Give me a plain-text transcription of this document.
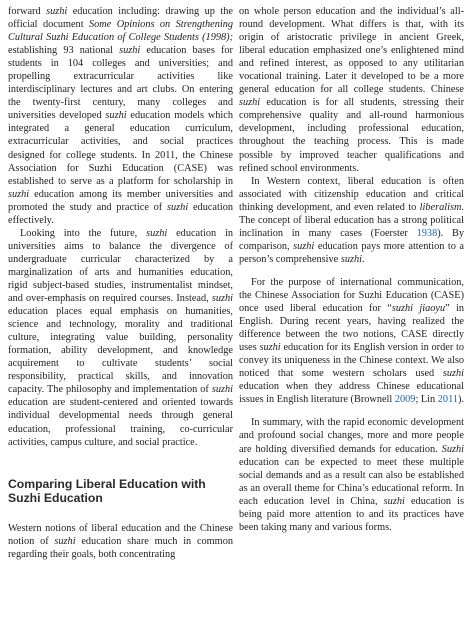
forward suzhi education including: drawing up the official document Some Opinions on Strengthening Cultural Suzhi Education of College Students (1998); establishing 93 national suzhi education bases for students in 104 colleges and universities; and propelling extracurricular activities like interdisciplinary lectures and art clubs. On entering the twenty-first century, many colleges and universities developed suzhi education models which integrated a general education curriculum, extracurricular activities, and social practices designed for college students. In 2011, the Chinese Association for Suzhi Education (CASE) was established to serve as a platform for scholarship in suzhi education among its member universities and promoted the study and practice of suzhi education effectively.

Looking into the future, suzhi education in universities aims to balance the divergence of undergraduate curricular characterized by a marginalization of arts and humanities education, rigid subject-based studies, instrumentalist mindset, and over-emphasis on required courses. Instead, suzhi education places equal emphasis on humanities, science and technology, morality and traditional culture, integrating value building, personality formation, ability development, and knowledge acquirement to cultivate students’ social responsibility, practical skills, and innovation capacity. The philosophy and implementation of suzhi education are student-centered and oriented towards individual developmental needs through general education, professional training, co-curricular activities, campus culture, and social practice.

Comparing Liberal Education with Suzhi Education

Western notions of liberal education and the Chinese notion of suzhi education share much in common regarding their goals, both concentrating

on whole person education and the individual’s all-round development. What differs is that, with its origin of aristocratic privilege in ancient Greek, liberal education emphasized one’s enlightened mind and refined interest, as opposed to any utilitarian vocational training. Later it developed to be a more general education for all college students. Chinese suzhi education is for all students, stressing their comprehensive quality and all-round harmonious development, including professional education, throughout the teaching process. This is made possible by improved teacher qualifications and refined school environments.

In Western context, liberal education is often associated with citizenship education and critical thinking development, and even related to liberalism. The concept of liberal education has a strong political inclination in many cases (Foerster 1938). By comparison, suzhi education pays more attention to a person’s comprehensive suzhi.

For the purpose of international communication, the Chinese Association for Suzhi Education (CASE) once used liberal education for “suzhi jiaoyu” in English. During recent years, having realized the difference between the two notions, CASE directly uses suzhi education for its English version in order to convey its uniqueness in the Chinese context. We also noticed that some western scholars used suzhi education when they address Chinese educational issues in English literature (Brownell 2009; Lin 2011).

In summary, with the rapid economic development and profound social changes, more and more people are holding diversified demands for education. Suzhi education can be expected to meet these multiple social demands and as a result can also be established as an overall theme for China’s educational reform. In each education level in China, suzhi education is being paid more attention to and its practices have been taking many and various forms.
